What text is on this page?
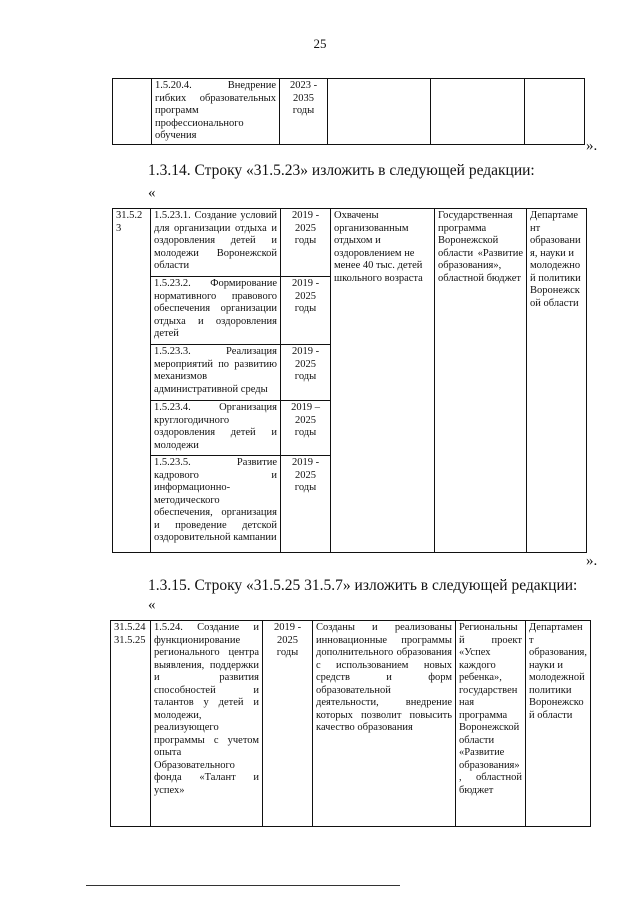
25
	1.5.20.4. Внедрение гибких образовательных программ профессионального обучения	2023 - 2035 годы			
».
1.3.14. Строку «31.5.23» изложить в следующей редакции:
«
31.5.23	1.5.23.1. Создание условий для организации отдыха и оздоровления детей и молодежи Воронежской области	2019 - 2025 годы	Охвачены организованным отдыхом и оздоровлением не менее 40 тыс. детей школьного возраста	Государственная программа Воронежской области «Развитие образования», областной бюджет	Департамент образования, науки и молодежной политики Воронежской области
	1.5.23.2. Формирование нормативного правового обеспечения организации отдыха и оздоровления детей	2019 - 2025 годы			
	1.5.23.3. Реализация мероприятий по развитию механизмов административной среды	2019 - 2025 годы			
	1.5.23.4. Организация круглогодичного оздоровления детей и молодежи	2019 – 2025 годы			
	1.5.23.5. Развитие кадрового и информационно-методического обеспечения, организация и проведение детской оздоровительной кампании	2019 - 2025 годы			
».
1.3.15. Строку «31.5.25 31.5.7» изложить в следующей редакции:
«
31.5.24 31.5.25	1.5.24. Создание и функционирование регионального центра выявления, поддержки и развития способностей и талантов у детей и молодежи, реализующего программы с учетом опыта Образовательного фонда «Талант и успех»	2019 - 2025 годы	Созданы и реализованы инновационные программы дополнительного образования с использованием новых средств и форм образовательной деятельности, внедрение которых позволит повысить качество образования	Региональный проект «Успех каждого ребенка», государственная программа Воронежской области «Развитие образования», областной бюджет	Департамент образования, науки и молодежной политики Воронежской области
